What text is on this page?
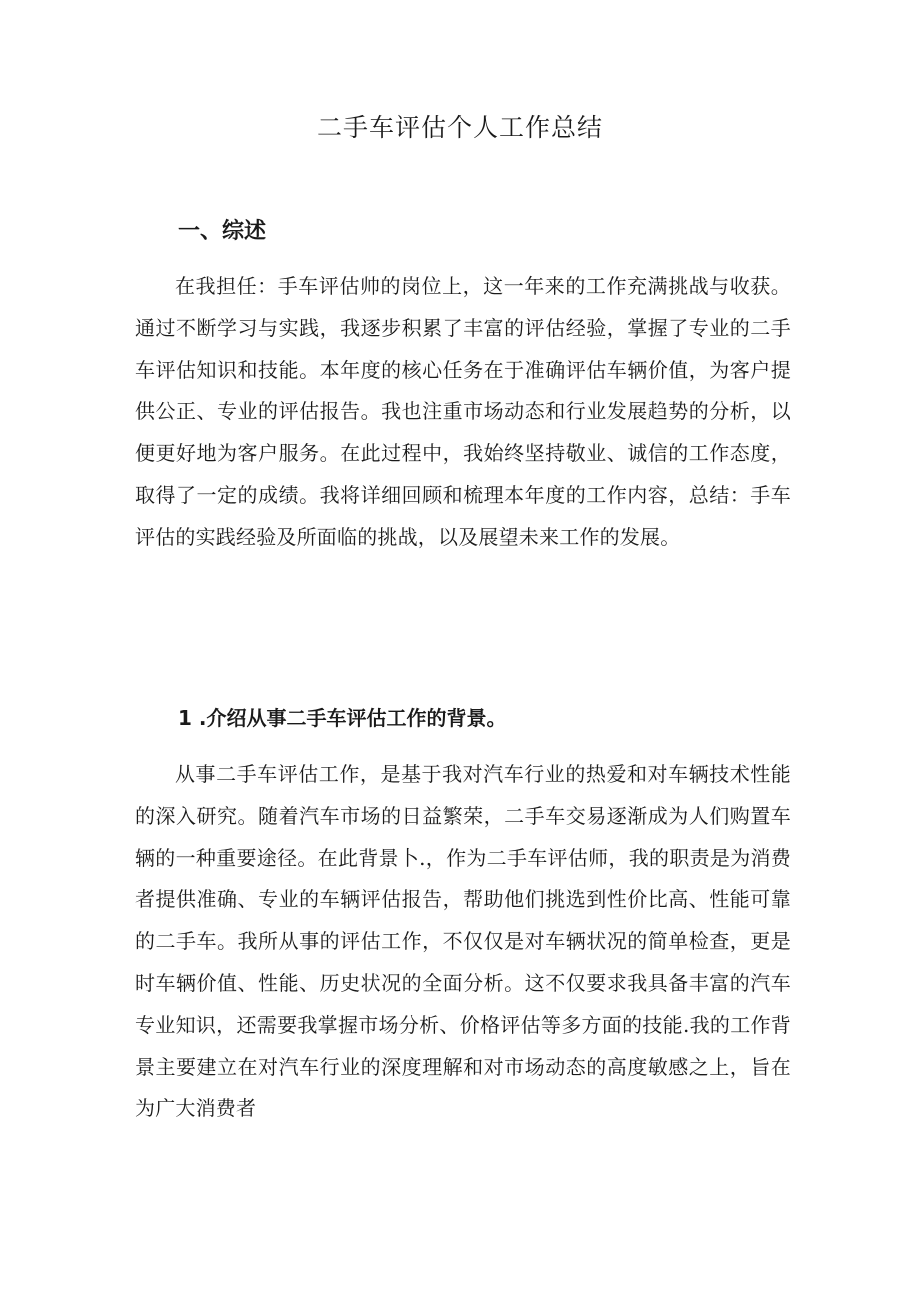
二手车评估个人工作总结
一、综述

在我担任：手车评估帅的岗位上，这一年来的工作充满挑战与收获。通过不断学习与实践，我逐步积累了丰富的评估经验，掌握了专业的二手车评估知识和技能。本年度的核心任务在于准确评估车辆价值，为客户提供公正、专业的评估报告。我也注重市场动态和行业发展趋势的分析，以便更好地为客户服务。在此过程中，我始终坚持敬业、诚信的工作态度，取得了一定的成绩。我将详细回顾和梳理本年度的工作内容，总结：手车评估的实践经验及所面临的挑战，以及展望未来工作的发展。

1 .介绍从事二手车评估工作的背景。

从事二手车评估工作，是基于我对汽车行业的热爱和对车辆技术性能的深入研究。随着汽车市场的日益繁荣，二手车交易逐渐成为人们购置车辆的一种重要途径。在此背景卜.，作为二手车评估师，我的职责是为消费者提供准确、专业的车辆评估报告，帮助他们挑选到性价比高、性能可靠的二手车。我所从事的评估工作，不仅仅是对车辆状况的简单检查，更是时车辆价值、性能、历史状况的全面分析。这不仅要求我具备丰富的汽车专业知识，还需要我掌握市场分析、价格评估等多方面的技能.我的工作背景主要建立在对汽车行业的深度理解和对市场动态的高度敏感之上，旨在为广大消费者
